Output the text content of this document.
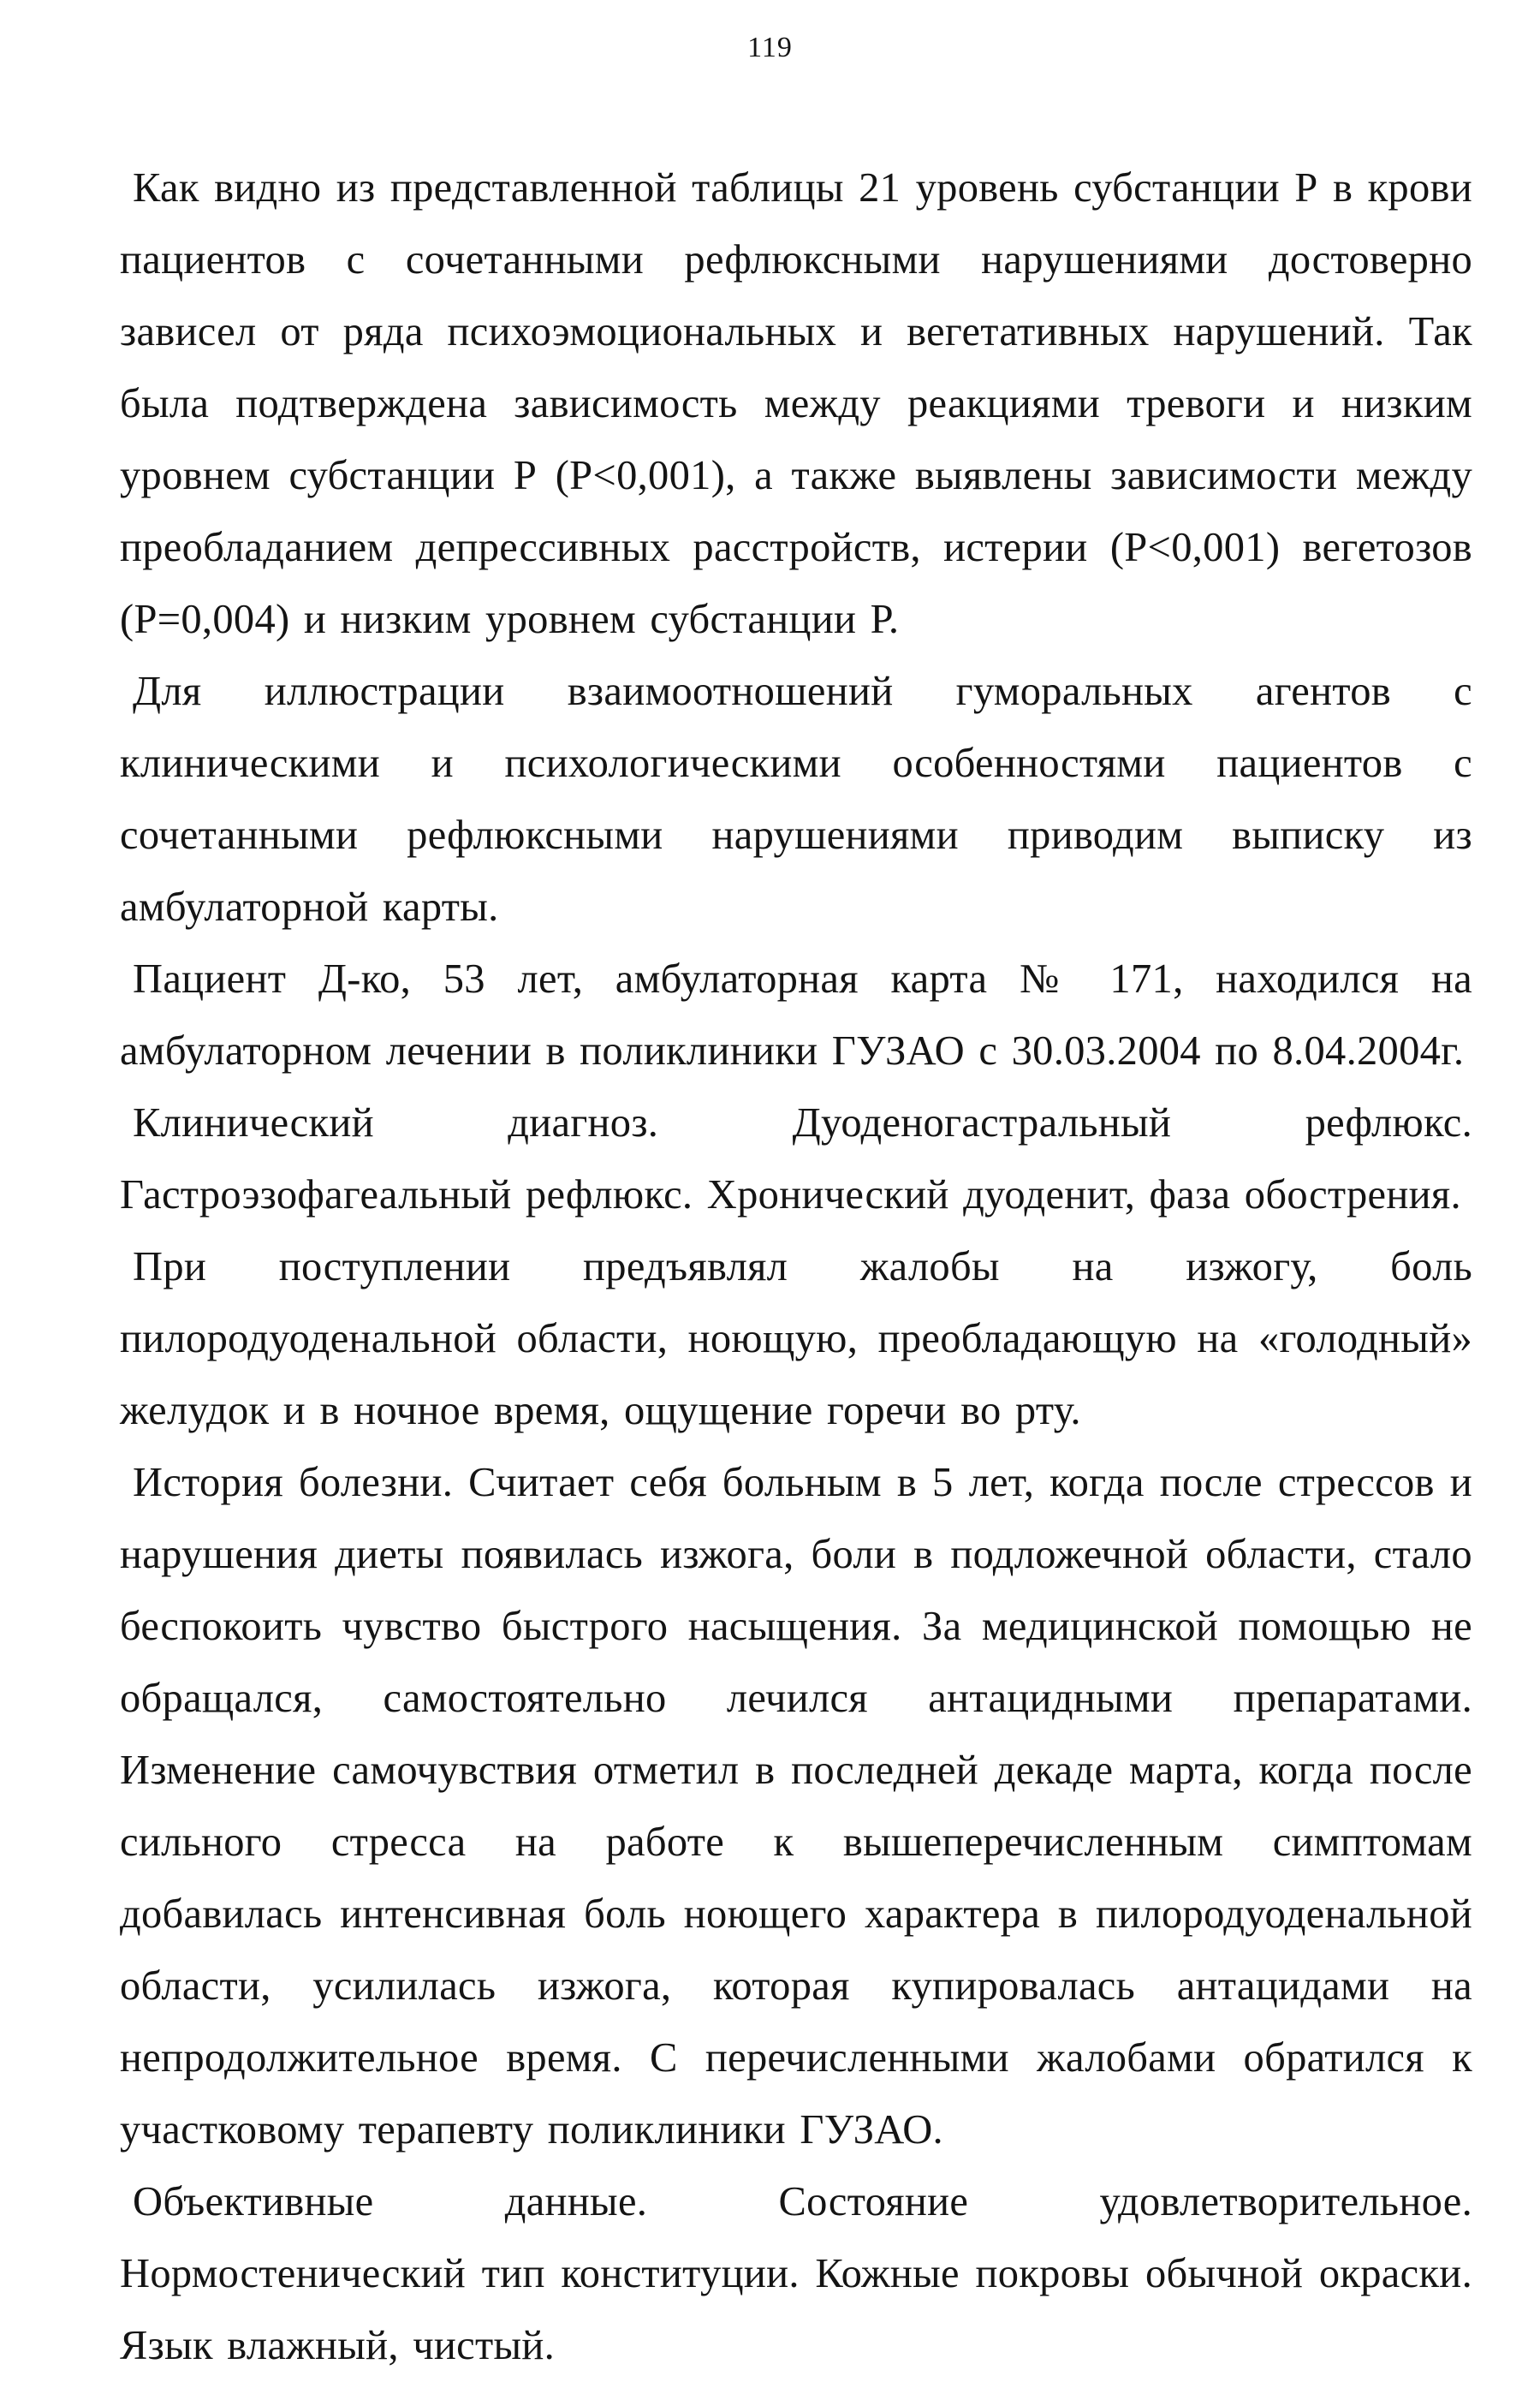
119

Как видно из представленной таблицы 21 уровень субстанции Р в крови пациентов с сочетанными рефлюксными нарушениями достоверно зависел от ряда психоэмоциональных и вегетативных нарушений. Так была подтверждена зависимость между реакциями тревоги и низким уровнем субстанции Р (Р<0,001), а также выявлены зависимости между преобладанием депрессивных расстройств, истерии (Р<0,001) вегетозов (Р=0,004) и низким уровнем субстанции Р.

Для иллюстрации взаимоотношений гуморальных агентов с клиническими и психологическими особенностями пациентов с сочетанными рефлюксными нарушениями приводим выписку из амбулаторной карты.

Пациент Д-ко, 53 лет, амбулаторная карта № 171, находился на амбулаторном лечении в поликлиники ГУЗАО с 30.03.2004 по 8.04.2004г.

Клинический диагноз. Дуоденогастральный рефлюкс. Гастроэзофагеальный рефлюкс. Хронический дуоденит, фаза обострения.

При поступлении предъявлял жалобы на изжогу, боль пилородуоденальной области, ноющую, преобладающую на «голодный» желудок и в ночное время, ощущение горечи во рту.

История болезни. Считает себя больным в 5 лет, когда после стрессов и нарушения диеты появилась изжога, боли в подложечной области, стало беспокоить чувство быстрого насыщения. За медицинской помощью не обращался, самостоятельно лечился антацидными препаратами. Изменение самочувствия отметил в последней декаде марта, когда после сильного стресса на работе к вышеперечисленным симптомам добавилась интенсивная боль ноющего характера в пилородуоденальной области, усилилась изжога, которая купировалась антацидами на непродолжительное время. С перечисленными жалобами обратился к участковому терапевту поликлиники ГУЗАО.

Объективные данные. Состояние удовлетворительное. Нормостенический тип конституции. Кожные покровы обычной окраски. Язык влажный, чистый.
